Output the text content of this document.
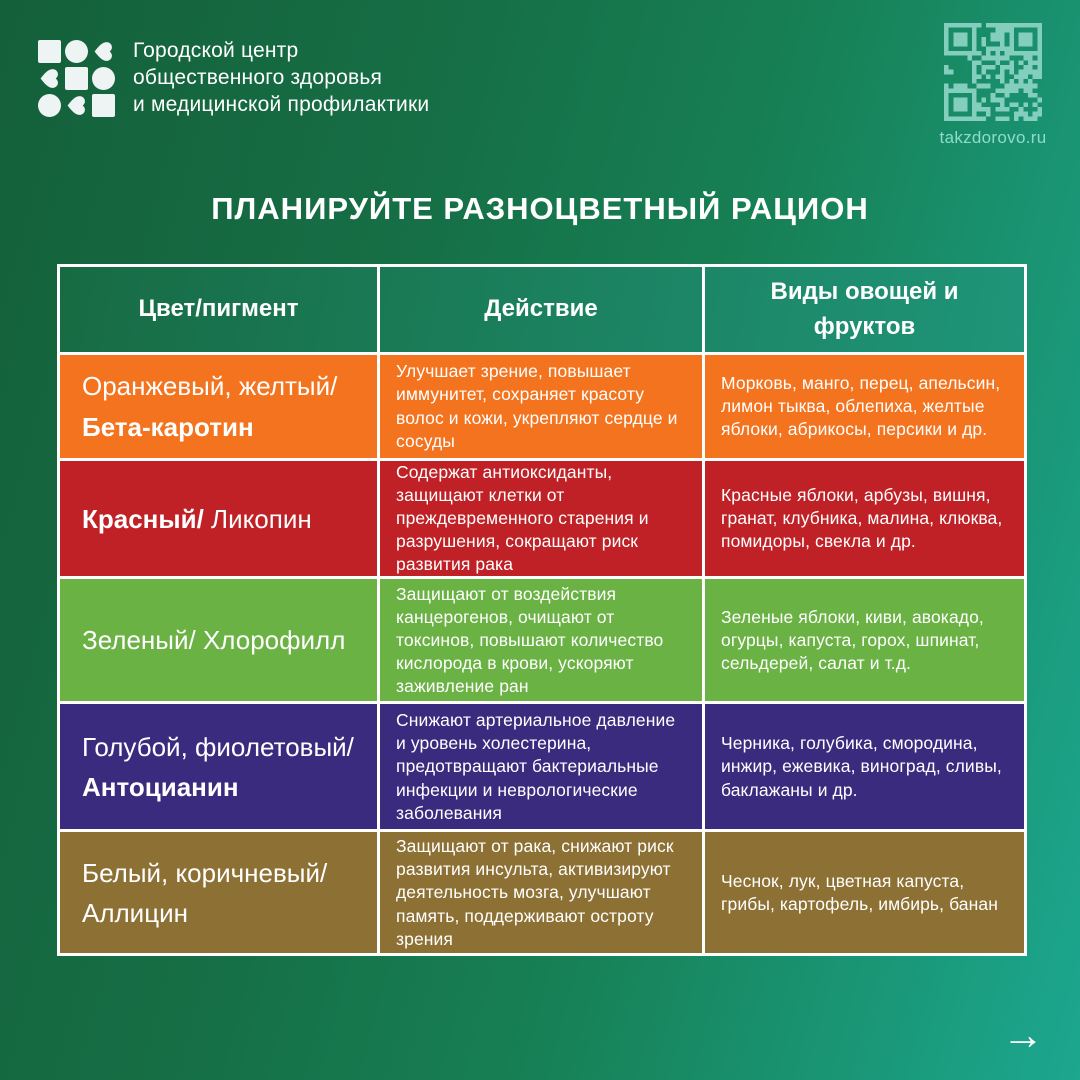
Городской центр
общественного здоровья
и медицинской профилактики
takzdorovo.ru
ПЛАНИРУЙТЕ РАЗНОЦВЕТНЫЙ РАЦИОН
Цвет/пигмент	Действие	Виды овощей и фруктов

Оранжевый, желтый/
Бета-каротин	Улучшает зрение, повышает иммунитет, сохраняет красоту волос и кожи, укрепляют сердце и сосуды	Морковь, манго, перец, апельсин, лимон тыква, облепиха, желтые яблоки, абрикосы, персики и др.
Красный/ Ликопин	Содержат антиоксиданты, защищают клетки от преждевременного старения и разрушения, сокращают риск развития рака	Красные яблоки, арбузы, вишня, гранат, клубника, малина, клюква, помидоры, свекла и др.
Зеленый/ Хлорофилл	Защищают от воздействия канцерогенов, очищают от токсинов, повышают количество кислорода в крови, ускоряют заживление ран	Зеленые яблоки, киви, авокадо, огурцы, капуста, горох, шпинат, сельдерей, салат и т.д.

Голубой, фиолетовый/
Антоцианин	Снижают артериальное давление и уровень холестерина, предотвращают бактериальные инфекции и неврологические заболевания	Черника, голубика, смородина, инжир, ежевика, виноград, сливы, баклажаны и др.

Белый, коричневый/
Аллицин	Защищают от рака, снижают риск развития инсульта, активизируют деятельность мозга, улучшают память, поддерживают остроту зрения	Чеснок, лук, цветная капуста, грибы, картофель, имбирь, банан
→
